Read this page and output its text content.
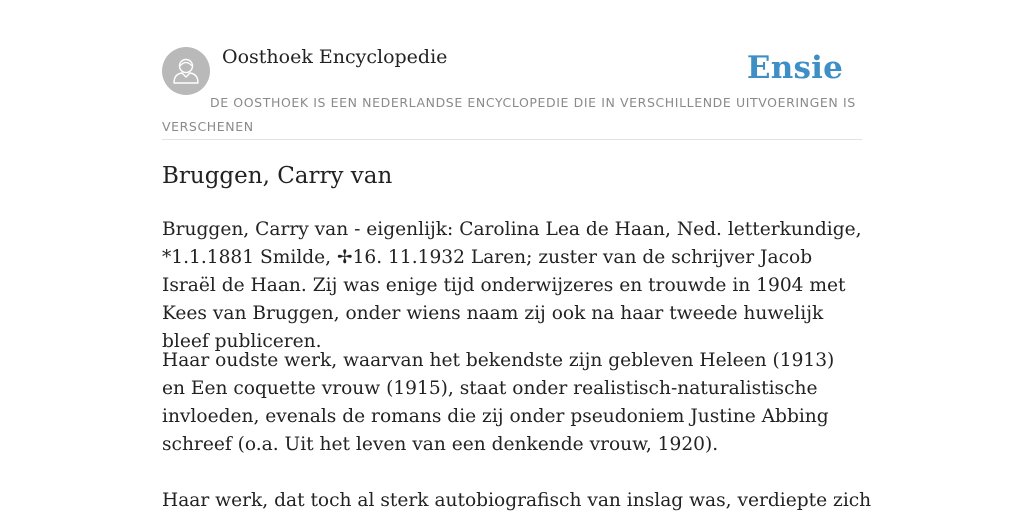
Oosthoek Encyclopedie	Ensie
DE OOSTHOEK IS EEN NEDERLANDSE ENCYCLOPEDIE DIE IN VERSCHILLENDE UITVOERINGEN IS VERSCHENEN
Bruggen, Carry van

Bruggen, Carry van - eigenlijk: Carolina Lea de Haan, Ned. letterkundige, *1.1.1881 Smilde, ✢16. 11.1932 Laren; zuster van de schrijver Jacob Israël de Haan. Zij was enige tijd onderwijzeres en trouwde in 1904 met Kees van Bruggen, onder wiens naam zij ook na haar tweede huwelijk bleef publiceren.

Haar oudste werk, waarvan het bekendste zijn gebleven Heleen (1913) en Een coquette vrouw (1915), staat onder realistisch-naturalistische invloeden, evenals de romans die zij onder pseudoniem Justine Abbing schreef (o.a. Uit het leven van een denkende vrouw, 1920).

Haar werk, dat toch al sterk autobiografisch van inslag was, verdiepte zich
